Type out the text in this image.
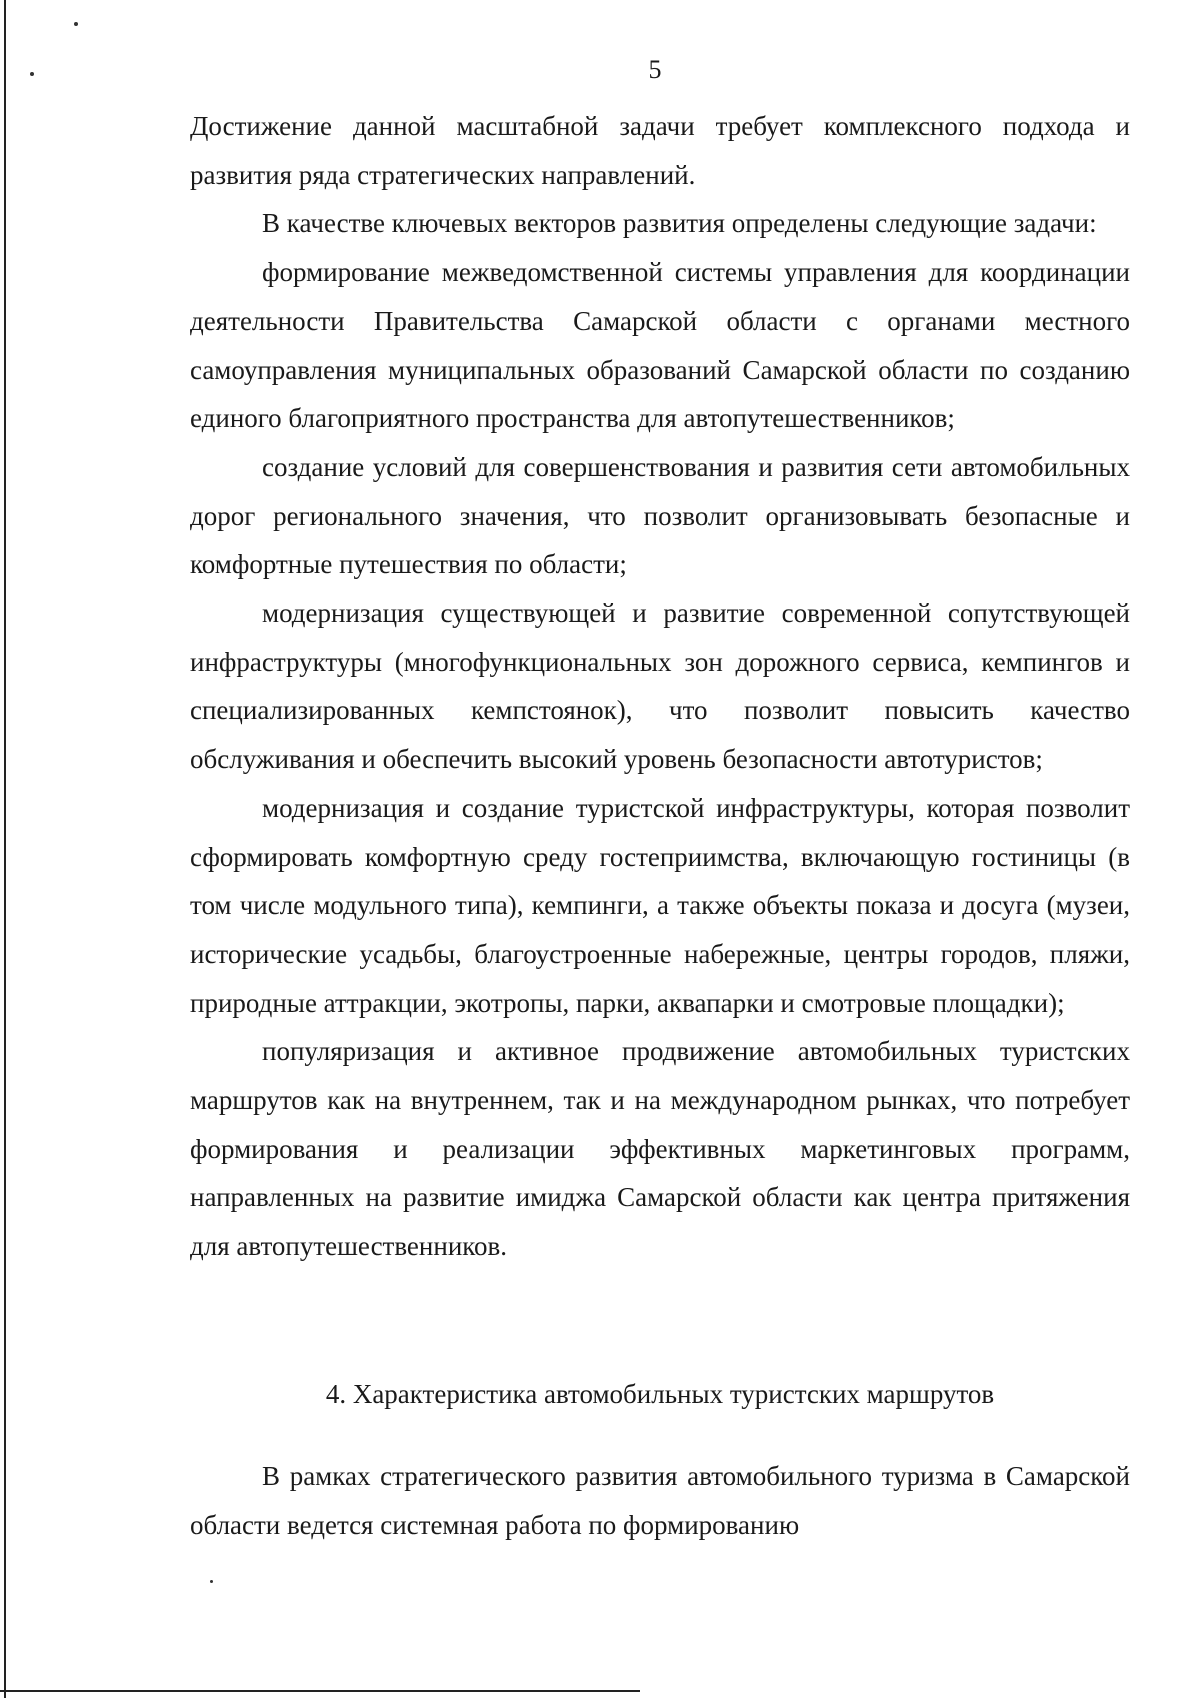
5

Достижение данной масштабной задачи требует комплексного подхода и развития ряда стратегических направлений.

В качестве ключевых векторов развития определены следующие задачи:

формирование межведомственной системы управления для координации деятельности Правительства Самарской области с органами местного самоуправления муниципальных образований Самарской области по созданию единого благоприятного пространства для автопутешественников;

создание условий для совершенствования и развития сети автомобильных дорог регионального значения, что позволит организовывать безопасные и комфортные путешествия по области;

модернизация существующей и развитие современной сопутствующей инфраструктуры (многофункциональных зон дорожного сервиса, кемпингов и специализированных кемпстоянок), что позволит повысить качество обслуживания и обеспечить высокий уровень безопасности автотуристов;

модернизация и создание туристской инфраструктуры, которая позволит сформировать комфортную среду гостеприимства, включающую гостиницы (в том числе модульного типа), кемпинги, а также объекты показа и досуга (музеи, исторические усадьбы, благоустроенные набережные, центры городов, пляжи, природные аттракции, экотропы, парки, аквапарки и смотровые площадки);

популяризация и активное продвижение автомобильных туристских маршрутов как на внутреннем, так и на международном рынках, что потребует формирования и реализации эффективных маркетинговых программ, направленных на развитие имиджа Самарской области как центра притяжения для автопутешественников.

4. Характеристика автомобильных туристских маршрутов

В рамках стратегического развития автомобильного туризма в Самарской области ведется системная работа по формированию
